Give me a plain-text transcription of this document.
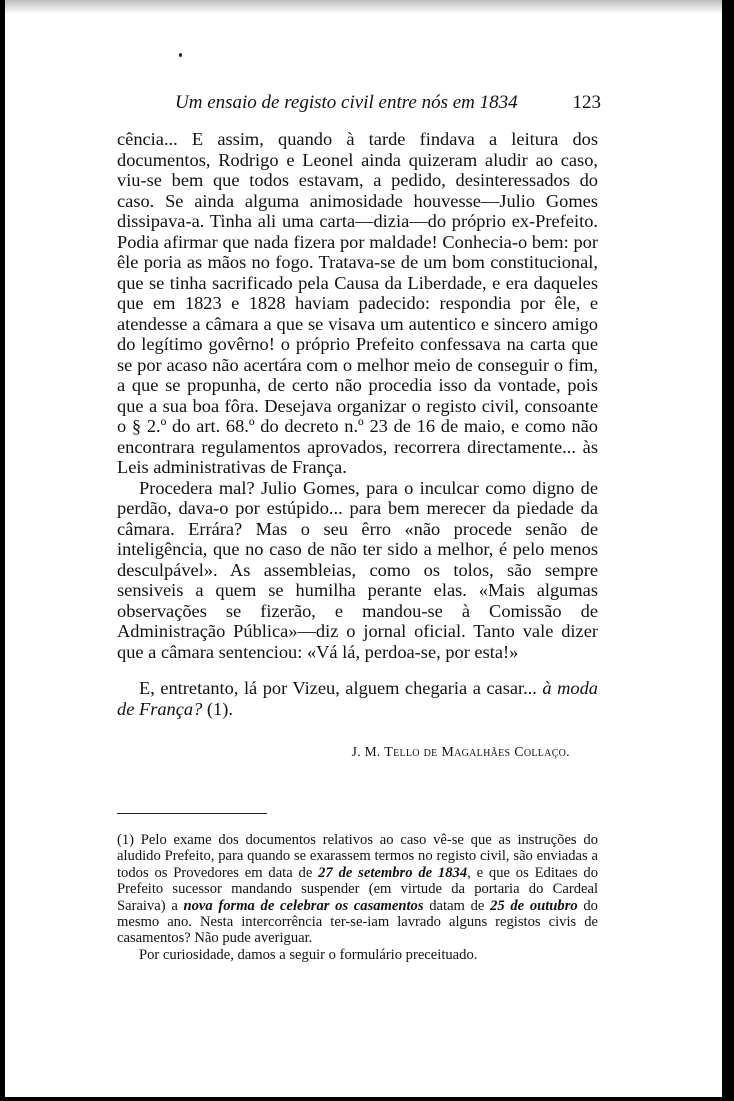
Um ensaio de registo civil entre nós em 1834	123

cência... E assim, quando à tarde findava a leitura dos documentos, Rodrigo e Leonel ainda quizeram aludir ao caso, viu-se bem que todos estavam, a pedido, desinteressados do caso. Se ainda alguma animosidade houvesse—Julio Gomes dissipava-a. Tinha ali uma carta—dizia—do próprio ex-Prefeito. Podia afirmar que nada fizera por maldade! Conhecia-o bem: por êle poria as mãos no fogo. Tratava-se de um bom constitucional, que se tinha sacrificado pela Causa da Liberdade, e era daqueles que em 1823 e 1828 haviam padecido: respondia por êle, e atendesse a câmara a que se visava um autentico e sincero amigo do legítimo govêrno! o próprio Prefeito confessava na carta que se por acaso não acertára com o melhor meio de conseguir o fim, a que se propunha, de certo não procedia isso da vontade, pois que a sua boa fôra. Desejava organizar o registo civil, consoante o § 2.º do art. 68.º do decreto n.º 23 de 16 de maio, e como não encontrara regulamentos aprovados, recorrera directamente... às Leis administrativas de França.

Procedera mal? Julio Gomes, para o inculcar como digno de perdão, dava-o por estúpido... para bem merecer da piedade da câmara. Errára? Mas o seu êrro «não procede senão de inteligência, que no caso de não ter sido a melhor, é pelo menos desculpável». As assembleias, como os tolos, são sempre sensiveis a quem se humilha perante elas. «Mais algumas observações se fizerão, e mandou-se à Comissão de Administração Pública»—diz o jornal oficial. Tanto vale dizer que a câmara sentenciou: «Vá lá, perdoa-se, por esta!»

E, entretanto, lá por Vizeu, alguem chegaria a casar... à moda de França? (1).

J. M. Tello de Magalhães Collaço.

(1) Pelo exame dos documentos relativos ao caso vê-se que as instruções do aludido Prefeito, para quando se exarassem termos no registo civil, são enviadas a todos os Provedores em data de 27 de setembro de 1834, e que os Editaes do Prefeito sucessor mandando suspender (em virtude da portaria do Cardeal Saraiva) a nova forma de celebrar os casamentos datam de 25 de outubro do mesmo ano. Nesta intercorrência ter-se-iam lavrado alguns registos civis de casamentos? Não pude averiguar.

Por curiosidade, damos a seguir o formulário preceituado.
